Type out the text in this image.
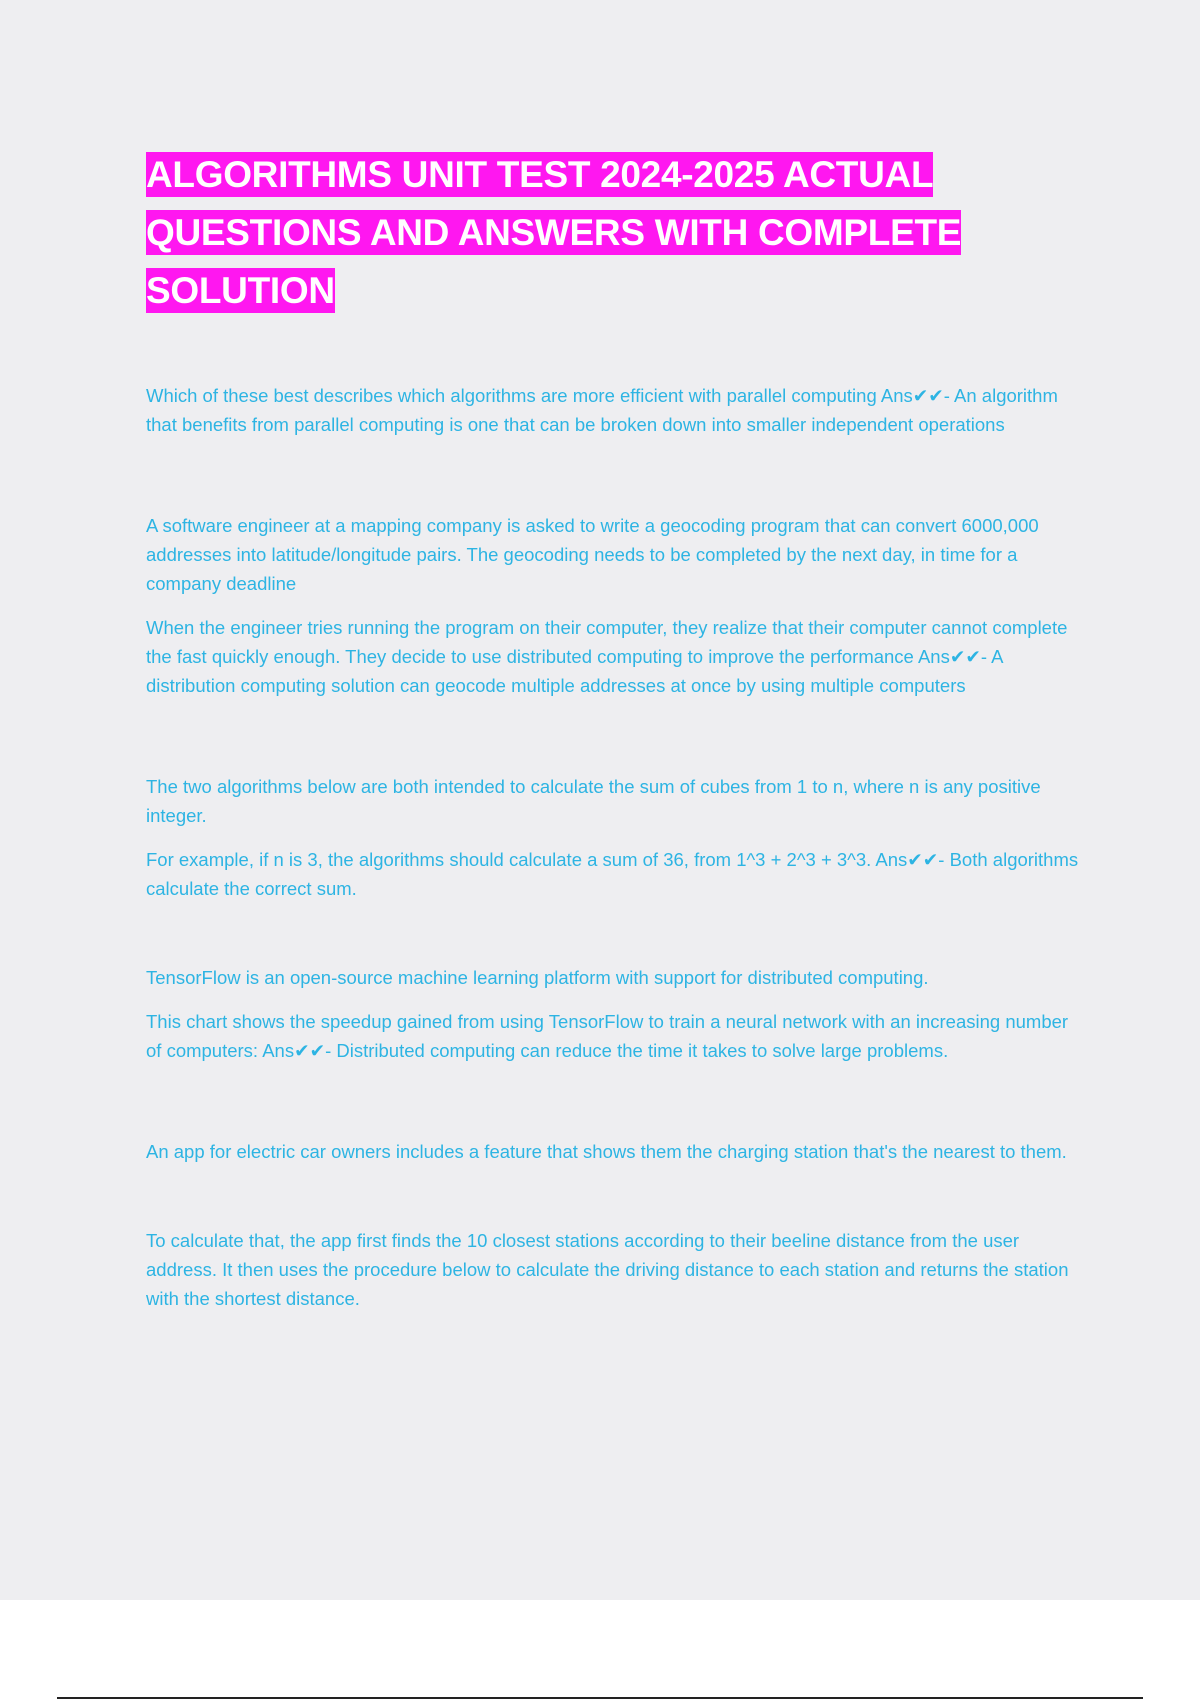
ALGORITHMS UNIT TEST 2024-2025 ACTUAL
QUESTIONS AND ANSWERS WITH COMPLETE
SOLUTION

Which of these best describes which algorithms are more efficient with parallel computing Ans✔✔- An algorithm that benefits from parallel computing is one that can be broken down into smaller independent operations

A software engineer at a mapping company is asked to write a geocoding program that can convert 6000,000 addresses into latitude/longitude pairs. The geocoding needs to be completed by the next day, in time for a company deadline

When the engineer tries running the program on their computer, they realize that their computer cannot complete the fast quickly enough. They decide to use distributed computing to improve the performance Ans✔✔- A distribution computing solution can geocode multiple addresses at once by using multiple computers

The two algorithms below are both intended to calculate the sum of cubes from 1 to n, where n is any positive integer.

For example, if n is 3, the algorithms should calculate a sum of 36, from 1^3 + 2^3 + 3^3. Ans✔✔- Both algorithms calculate the correct sum.

TensorFlow is an open-source machine learning platform with support for distributed computing.

This chart shows the speedup gained from using TensorFlow to train a neural network with an increasing number of computers: Ans✔✔- Distributed computing can reduce the time it takes to solve large problems.

An app for electric car owners includes a feature that shows them the charging station that's the nearest to them.

To calculate that, the app first finds the 10 closest stations according to their beeline distance from the user address. It then uses the procedure below to calculate the driving distance to each station and returns the station with the shortest distance.
